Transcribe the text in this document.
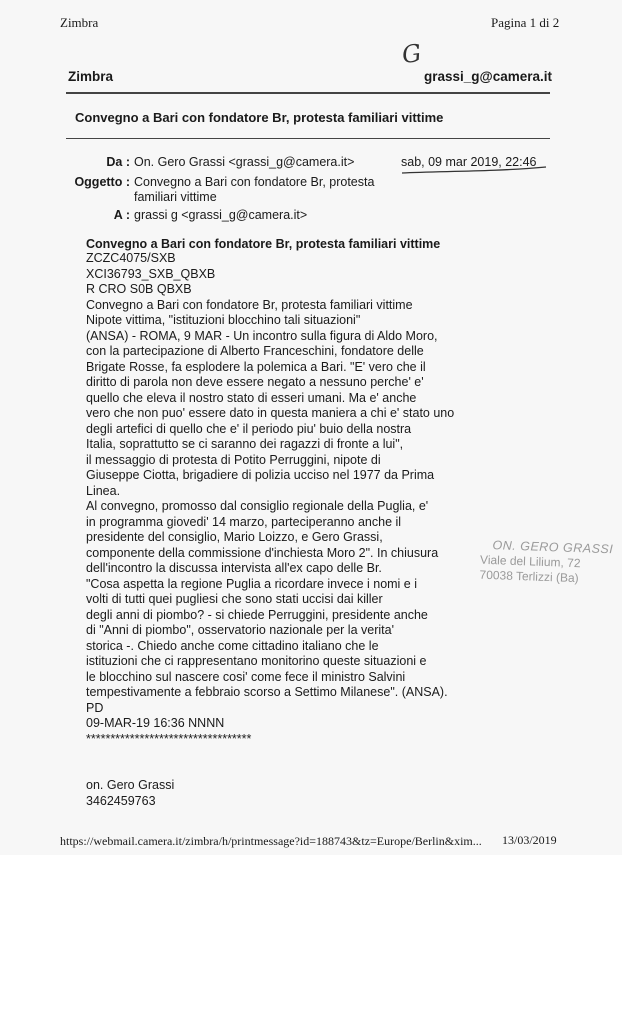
Zimbra	Pagina 1 di 2
G
Zimbra	grassi_g@camera.it
Convegno a Bari con fondatore Br, protesta familiari vittime
Da : On. Gero Grassi <grassi_g@camera.it>	sab, 09 mar 2019, 22:46
Oggetto : Convegno a Bari con fondatore Br, protesta
familiari vittime
A : grassi g <grassi_g@camera.it>
Convegno a Bari con fondatore Br, protesta familiari vittime
ZCZC4075/SXB
XCI36793_SXB_QBXB
R CRO S0B QBXB
Convegno a Bari con fondatore Br, protesta familiari vittime
Nipote vittima, "istituzioni blocchino tali situazioni"
(ANSA) - ROMA, 9 MAR - Un incontro sulla figura di Aldo Moro,
con la partecipazione di Alberto Franceschini, fondatore delle
Brigate Rosse, fa esplodere la polemica a Bari. "E' vero che il
diritto di parola non deve essere negato a nessuno perche' e'
quello che eleva il nostro stato di esseri umani. Ma e' anche
vero che non puo' essere dato in questa maniera a chi e' stato uno
degli artefici di quello che e' il periodo piu' buio della nostra
Italia, soprattutto se ci saranno dei ragazzi di fronte a lui",
il messaggio di protesta di Potito Perruggini, nipote di
Giuseppe Ciotta, brigadiere di polizia ucciso nel 1977 da Prima
Linea.
Al convegno, promosso dal consiglio regionale della Puglia, e'
in programma giovedi' 14 marzo, parteciperanno anche il
presidente del consiglio, Mario Loizzo, e Gero Grassi,
componente della commissione d'inchiesta Moro 2". In chiusura
dell'incontro la discussa intervista all'ex capo delle Br.
"Cosa aspetta la regione Puglia a ricordare invece i nomi e i
volti di tutti quei pugliesi che sono stati uccisi dai killer
degli anni di piombo? - si chiede Perruggini, presidente anche
di "Anni di piombo", osservatorio nazionale per la verita'
storica -. Chiedo anche come cittadino italiano che le
istituzioni che ci rappresentano monitorino queste situazioni e
le blocchino sul nascere cosi' come fece il ministro Salvini
tempestivamente a febbraio scorso a Settimo Milanese". (ANSA).
PD
09-MAR-19 16:36 NNNN
**********************************
on. Gero Grassi
3462459763
ON. GERO GRASSI
Viale del Lilium, 72
70038 Terlizzi (Ba)
https://webmail.camera.it/zimbra/h/printmessage?id=188743&tz=Europe/Berlin&xim... 13/03/2019
